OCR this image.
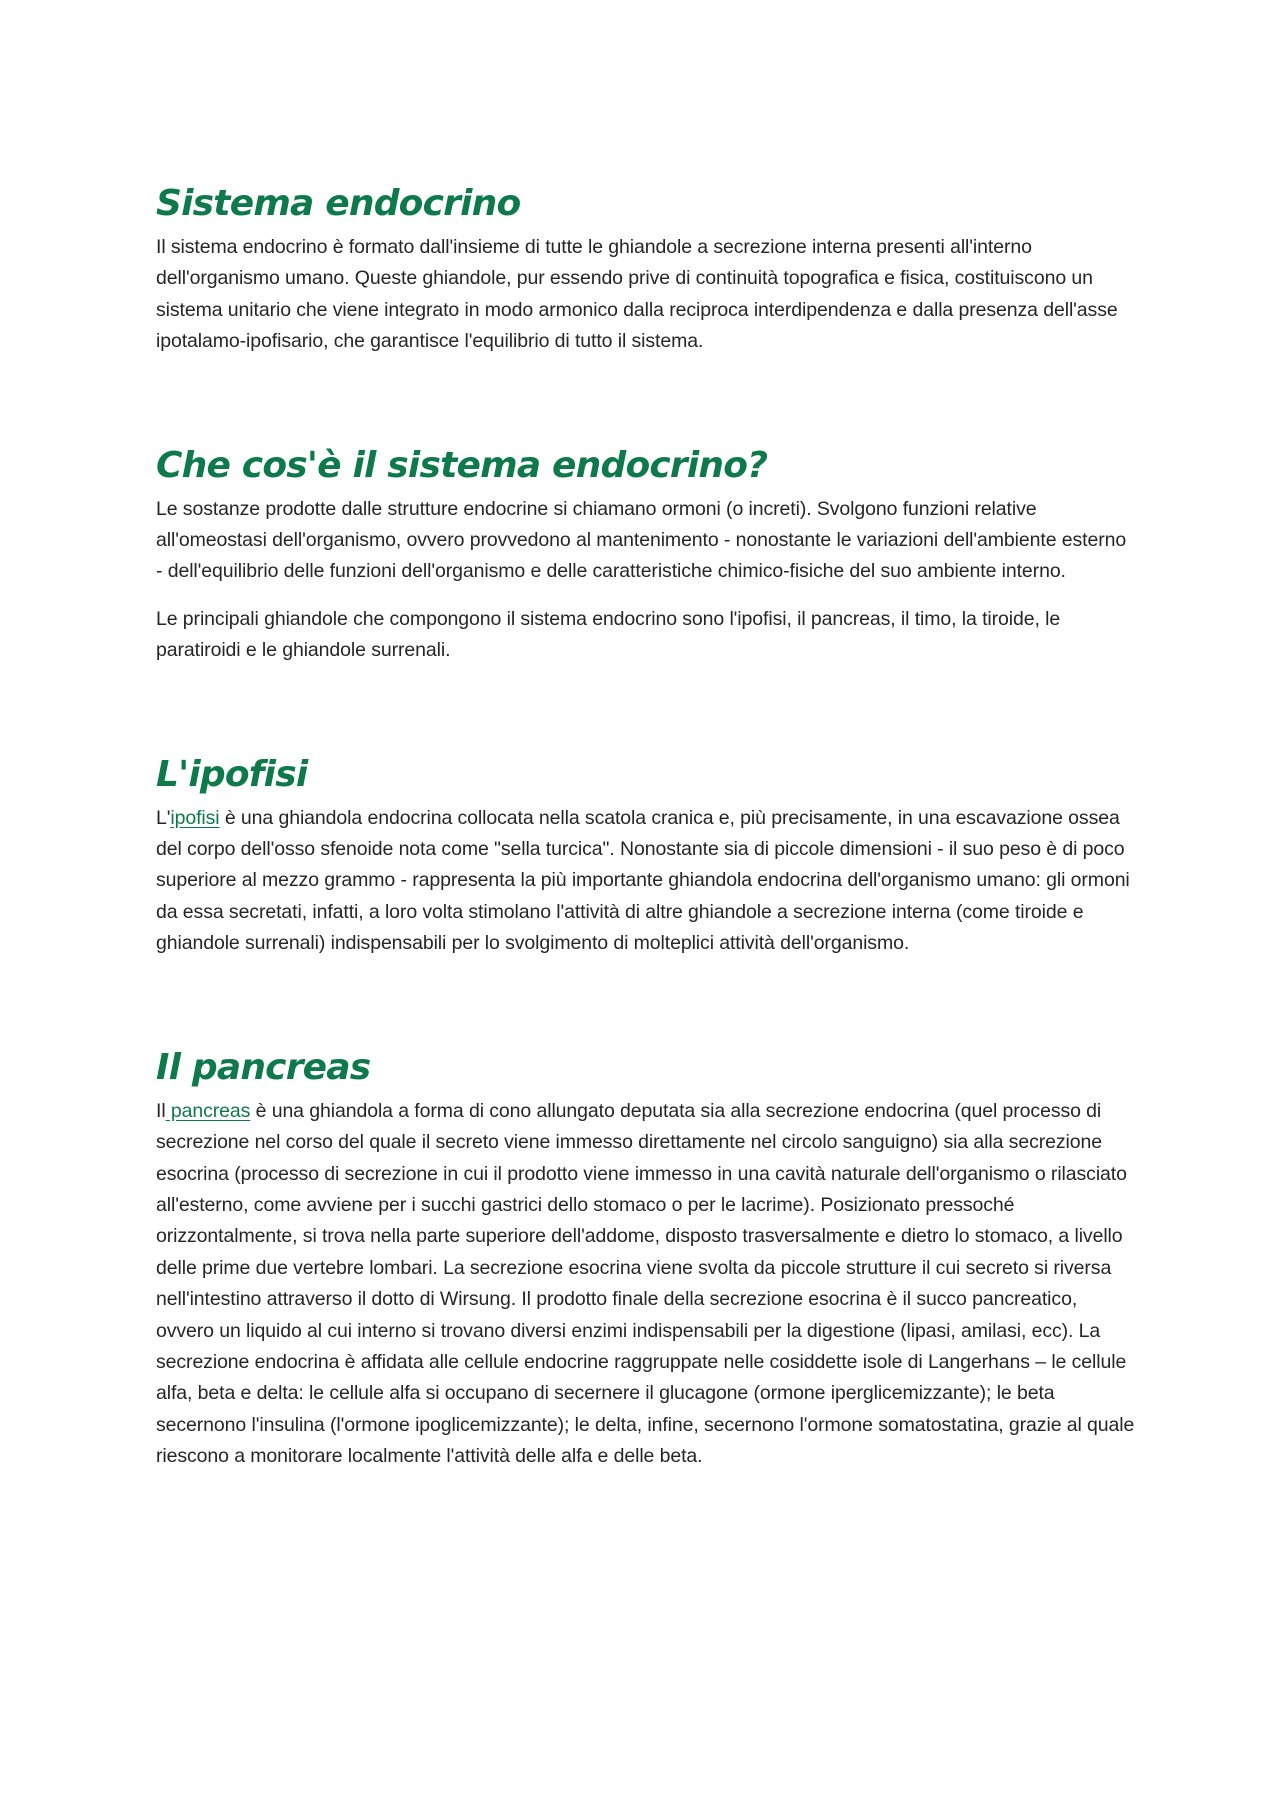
Sistema endocrino

Il sistema endocrino è formato dall'insieme di tutte le ghiandole a secrezione interna presenti all'interno dell'organismo umano. Queste ghiandole, pur essendo prive di continuità topografica e fisica, costituiscono un sistema unitario che viene integrato in modo armonico dalla reciproca interdipendenza e dalla presenza dell'asse ipotalamo-ipofisario, che garantisce l'equilibrio di tutto il sistema.

Che cos'è il sistema endocrino?

Le sostanze prodotte dalle strutture endocrine si chiamano ormoni (o increti). Svolgono funzioni relative all'omeostasi dell'organismo, ovvero provvedono al mantenimento - nonostante le variazioni dell'ambiente esterno - dell'equilibrio delle funzioni dell'organismo e delle caratteristiche chimico-fisiche del suo ambiente interno.

Le principali ghiandole che compongono il sistema endocrino sono l'ipofisi, il pancreas, il timo, la tiroide, le paratiroidi e le ghiandole surrenali.

L'ipofisi

L'ipofisi è una ghiandola endocrina collocata nella scatola cranica e, più precisamente, in una escavazione ossea del corpo dell'osso sfenoide nota come "sella turcica". Nonostante sia di piccole dimensioni - il suo peso è di poco superiore al mezzo grammo - rappresenta la più importante ghiandola endocrina dell'organismo umano: gli ormoni da essa secretati, infatti, a loro volta stimolano l'attività di altre ghiandole a secrezione interna (come tiroide e ghiandole surrenali) indispensabili per lo svolgimento di molteplici attività dell'organismo.

Il pancreas

Il pancreas è una ghiandola a forma di cono allungato deputata sia alla secrezione endocrina (quel processo di secrezione nel corso del quale il secreto viene immesso direttamente nel circolo sanguigno) sia alla secrezione esocrina (processo di secrezione in cui il prodotto viene immesso in una cavità naturale dell'organismo o rilasciato all'esterno, come avviene per i succhi gastrici dello stomaco o per le lacrime). Posizionato pressoché orizzontalmente, si trova nella parte superiore dell'addome, disposto trasversalmente e dietro lo stomaco, a livello delle prime due vertebre lombari. La secrezione esocrina viene svolta da piccole strutture il cui secreto si riversa nell'intestino attraverso il dotto di Wirsung. Il prodotto finale della secrezione esocrina è il succo pancreatico, ovvero un liquido al cui interno si trovano diversi enzimi indispensabili per la digestione (lipasi, amilasi, ecc). La secrezione endocrina è affidata alle cellule endocrine raggruppate nelle cosiddette isole di Langerhans – le cellule alfa, beta e delta: le cellule alfa si occupano di secernere il glucagone (ormone iperglicemizzante); le beta secernono l'insulina (l'ormone ipoglicemizzante); le delta, infine, secernono l'ormone somatostatina, grazie al quale riescono a monitorare localmente l'attività delle alfa e delle beta.
